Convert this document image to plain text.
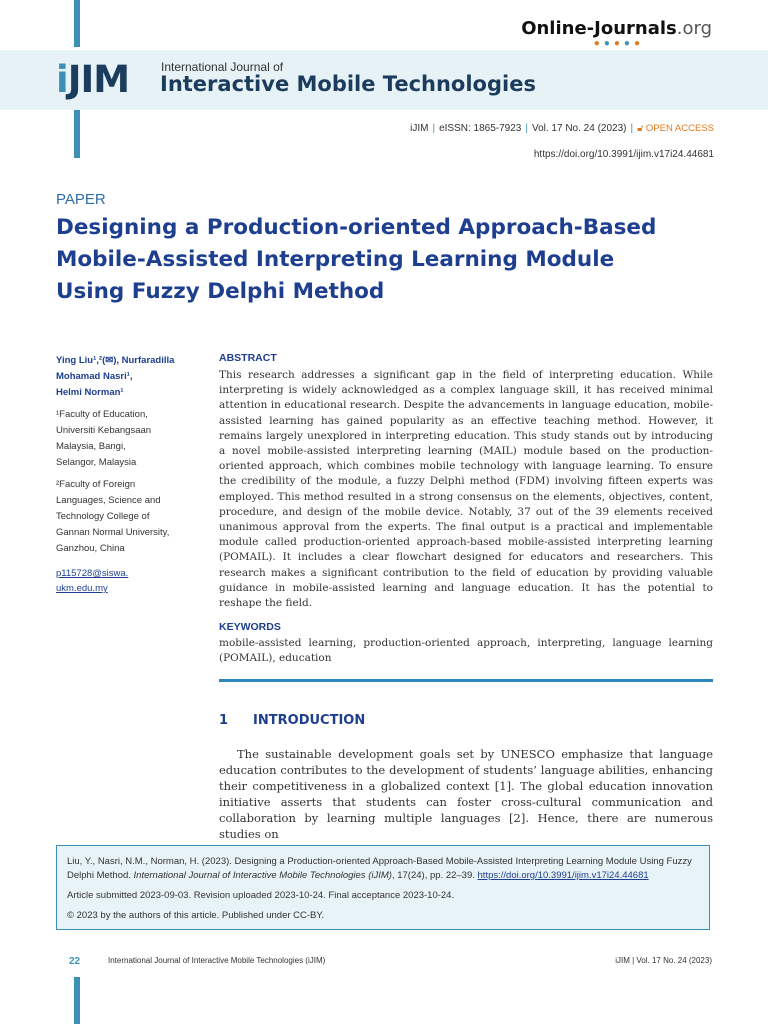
Online-Journals.org
●●●●●
iJIM	International Journal of
Interactive Mobile Technologies
iJIM | eISSN: 1865-7923 | Vol. 17 No. 24 (2023) | 🔓︎ OPEN ACCESS
https://doi.org/10.3991/ijim.v17i24.44681
PAPER
Designing a Production-oriented Approach-Based
Mobile-Assisted Interpreting Learning Module
Using Fuzzy Delphi Method
Ying Liu¹,²(✉), Nurfaradilla
Mohamad Nasri¹,
Helmi Norman¹
¹Faculty of Education,
Universiti Kebangsaan
Malaysia, Bangi,
Selangor, Malaysia
²Faculty of Foreign
Languages, Science and
Technology College of
Gannan Normal University,
Ganzhou, China
p115728@siswa.
ukm.edu.my
ABSTRACT
This research addresses a significant gap in the field of interpreting education. While interpreting is widely acknowledged as a complex language skill, it has received minimal attention in educational research. Despite the advancements in language education, mobile-assisted learning has gained popularity as an effective teaching method. However, it remains largely unexplored in interpreting education. This study stands out by introducing a novel mobile-assisted interpreting learning (MAIL) module based on the production-oriented approach, which combines mobile technology with language learning. To ensure the credibility of the module, a fuzzy Delphi method (FDM) involving fifteen experts was employed. This method resulted in a strong consensus on the elements, objectives, content, procedure, and design of the mobile device. Notably, 37 out of the 39 elements received unanimous approval from the experts. The final output is a practical and implementable module called production-oriented approach-based mobile-assisted interpreting learning (POMAIL). It includes a clear flowchart designed for educators and researchers. This research makes a significant contribution to the field of education by providing valuable guidance in mobile-assisted learning and language education. It has the potential to reshape the field.
KEYWORDS
mobile-assisted learning, production-oriented approach, interpreting, language learning (POMAIL), education
1 INTRODUCTION
The sustainable development goals set by UNESCO emphasize that language education contributes to the development of students’ language abilities, enhancing their competitiveness in a globalized context [1]. The global education innovation initiative asserts that students can foster cross-cultural communication and collaboration by learning multiple languages [2]. Hence, there are numerous studies on

Liu, Y., Nasri, N.M., Norman, H. (2023). Designing a Production-oriented Approach-Based Mobile-Assisted Interpreting Learning Module Using Fuzzy Delphi Method. International Journal of Interactive Mobile Technologies (iJIM), 17(24), pp. 22–39. https://doi.org/10.3991/ijim.v17i24.44681

Article submitted 2023-09-03. Revision uploaded 2023-10-24. Final acceptance 2023-10-24.

© 2023 by the authors of this article. Published under CC-BY.

22	International Journal of Interactive Mobile Technologies (iJIM)	iJIM | Vol. 17 No. 24 (2023)
